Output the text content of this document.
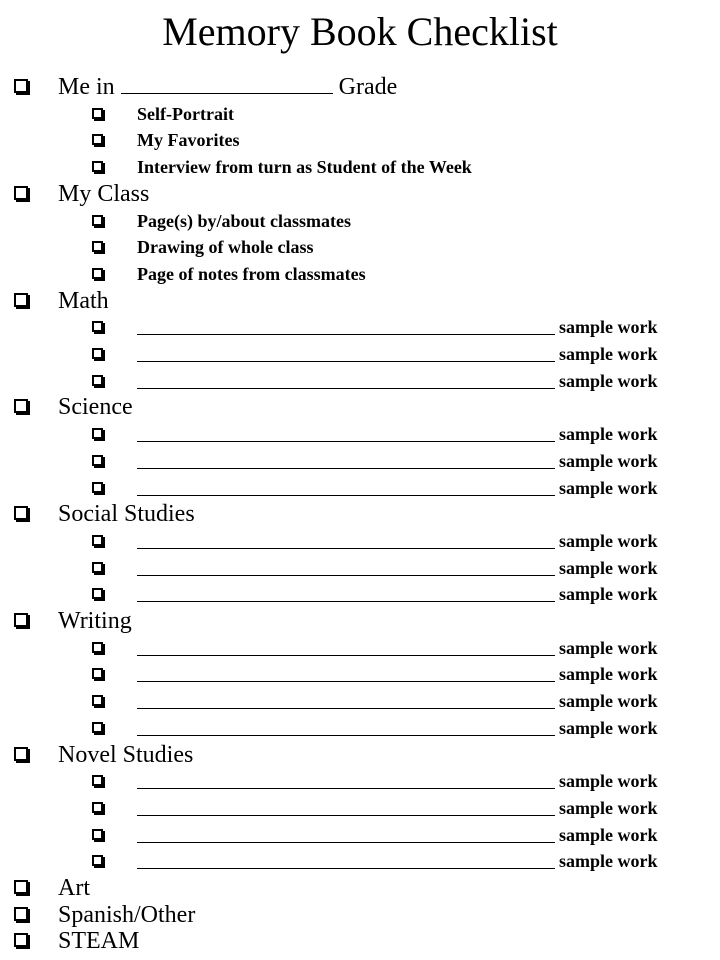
Memory Book Checklist
Me in	Grade
Self-Portrait
My Favorites
Interview from turn as Student of the Week
My Class
Page(s) by/about classmates
Drawing of whole class
Page of notes from classmates
Math
sample work
sample work
sample work
Science
sample work
sample work
sample work
Social Studies
sample work
sample work
sample work
Writing
sample work
sample work
sample work
sample work
Novel Studies
sample work
sample work
sample work
sample work
Art
Spanish/Other
STEAM
